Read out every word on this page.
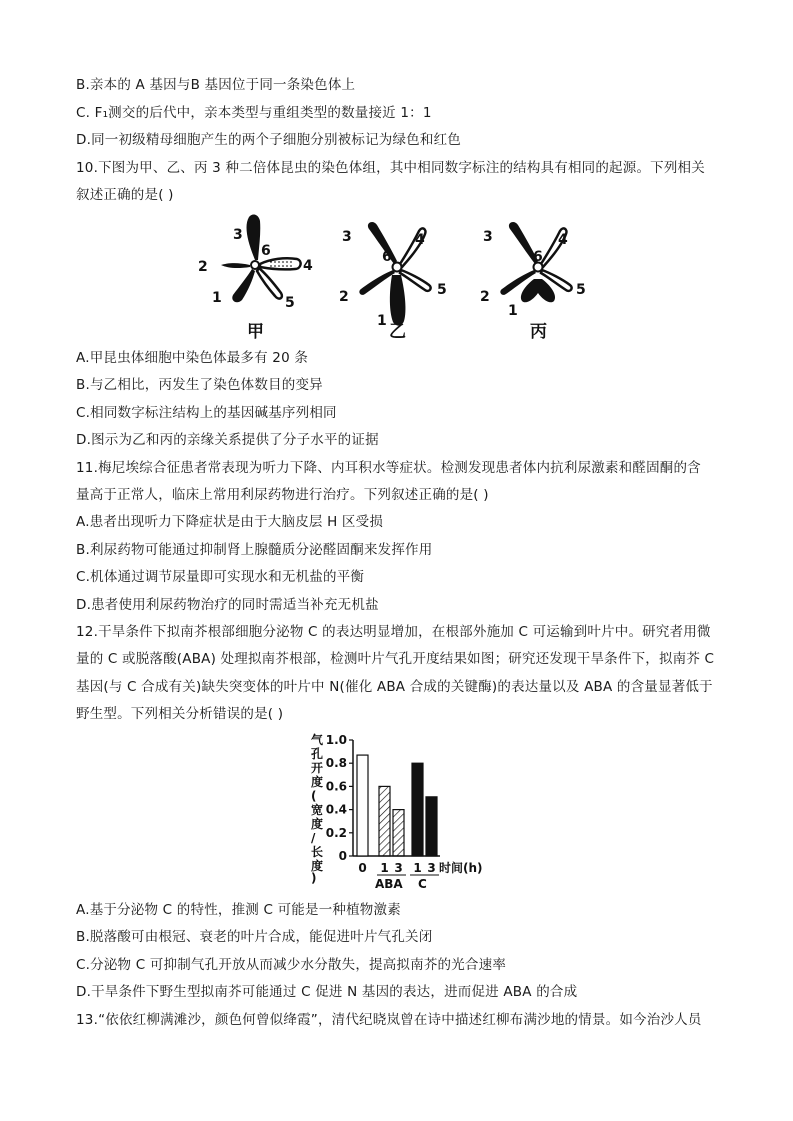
B.亲本的 A 基因与B 基因位于同一条染色体上
C. F₁测交的后代中，亲本类型与重组类型的数量接近 1：1
D.同一初级精母细胞产生的两个子细胞分别被标记为绿色和红色
10.下图为甲、乙、丙 3 种二倍体昆虫的染色体组，其中相同数字标注的结构具有相同的起源。下列相关
叙述正确的是( )
3
6
2	4
1	5
甲
3
6
4
2	5
1
乙
3
6
4
2	5
1
丙
A.甲昆虫体细胞中染色体最多有 20 条
B.与乙相比，丙发生了染色体数目的变异
C.相同数字标注结构上的基因碱基序列相同
D.图示为乙和丙的亲缘关系提供了分子水平的证据
11.梅尼埃综合征患者常表现为听力下降、内耳积水等症状。检测发现患者体内抗利尿激素和醛固酮的含
量高于正常人，临床上常用利尿药物进行治疗。下列叙述正确的是( )
A.患者出现听力下降症状是由于大脑皮层 H 区受损
B.利尿药物可能通过抑制肾上腺髓质分泌醛固酮来发挥作用
C.机体通过调节尿量即可实现水和无机盐的平衡
D.患者使用利尿药物治疗的同时需适当补充无机盐
12.干旱条件下拟南芥根部细胞分泌物 C 的表达明显增加，在根部外施加 C 可运输到叶片中。研究者用微
量的 C 或脱落酸(ABA) 处理拟南芥根部，检测叶片气孔开度结果如图；研究还发现干旱条件下，拟南芥 C
基因(与 C 合成有关)缺失突变体的叶片中 N(催化 ABA 合成的关键酶)的表达量以及 ABA 的含量显著低于
野生型。下列相关分析错误的是( )
气
孔
开
度
(
宽
度
/
长
度
)
0
0.2
0.4
0.6
0.8
1.0
0 1 3 1 3 时间(h)
ABA C
A.基于分泌物 C 的特性，推测 C 可能是一种植物激素
B.脱落酸可由根冠、衰老的叶片合成，能促进叶片气孔关闭
C.分泌物 C 可抑制气孔开放从而减少水分散失，提高拟南芥的光合速率
D.干旱条件下野生型拟南芥可能通过 C 促进 N 基因的表达，进而促进 ABA 的合成
13.“依依红柳满滩沙，颜色何曾似绛霞”，清代纪晓岚曾在诗中描述红柳布满沙地的情景。如今治沙人员
